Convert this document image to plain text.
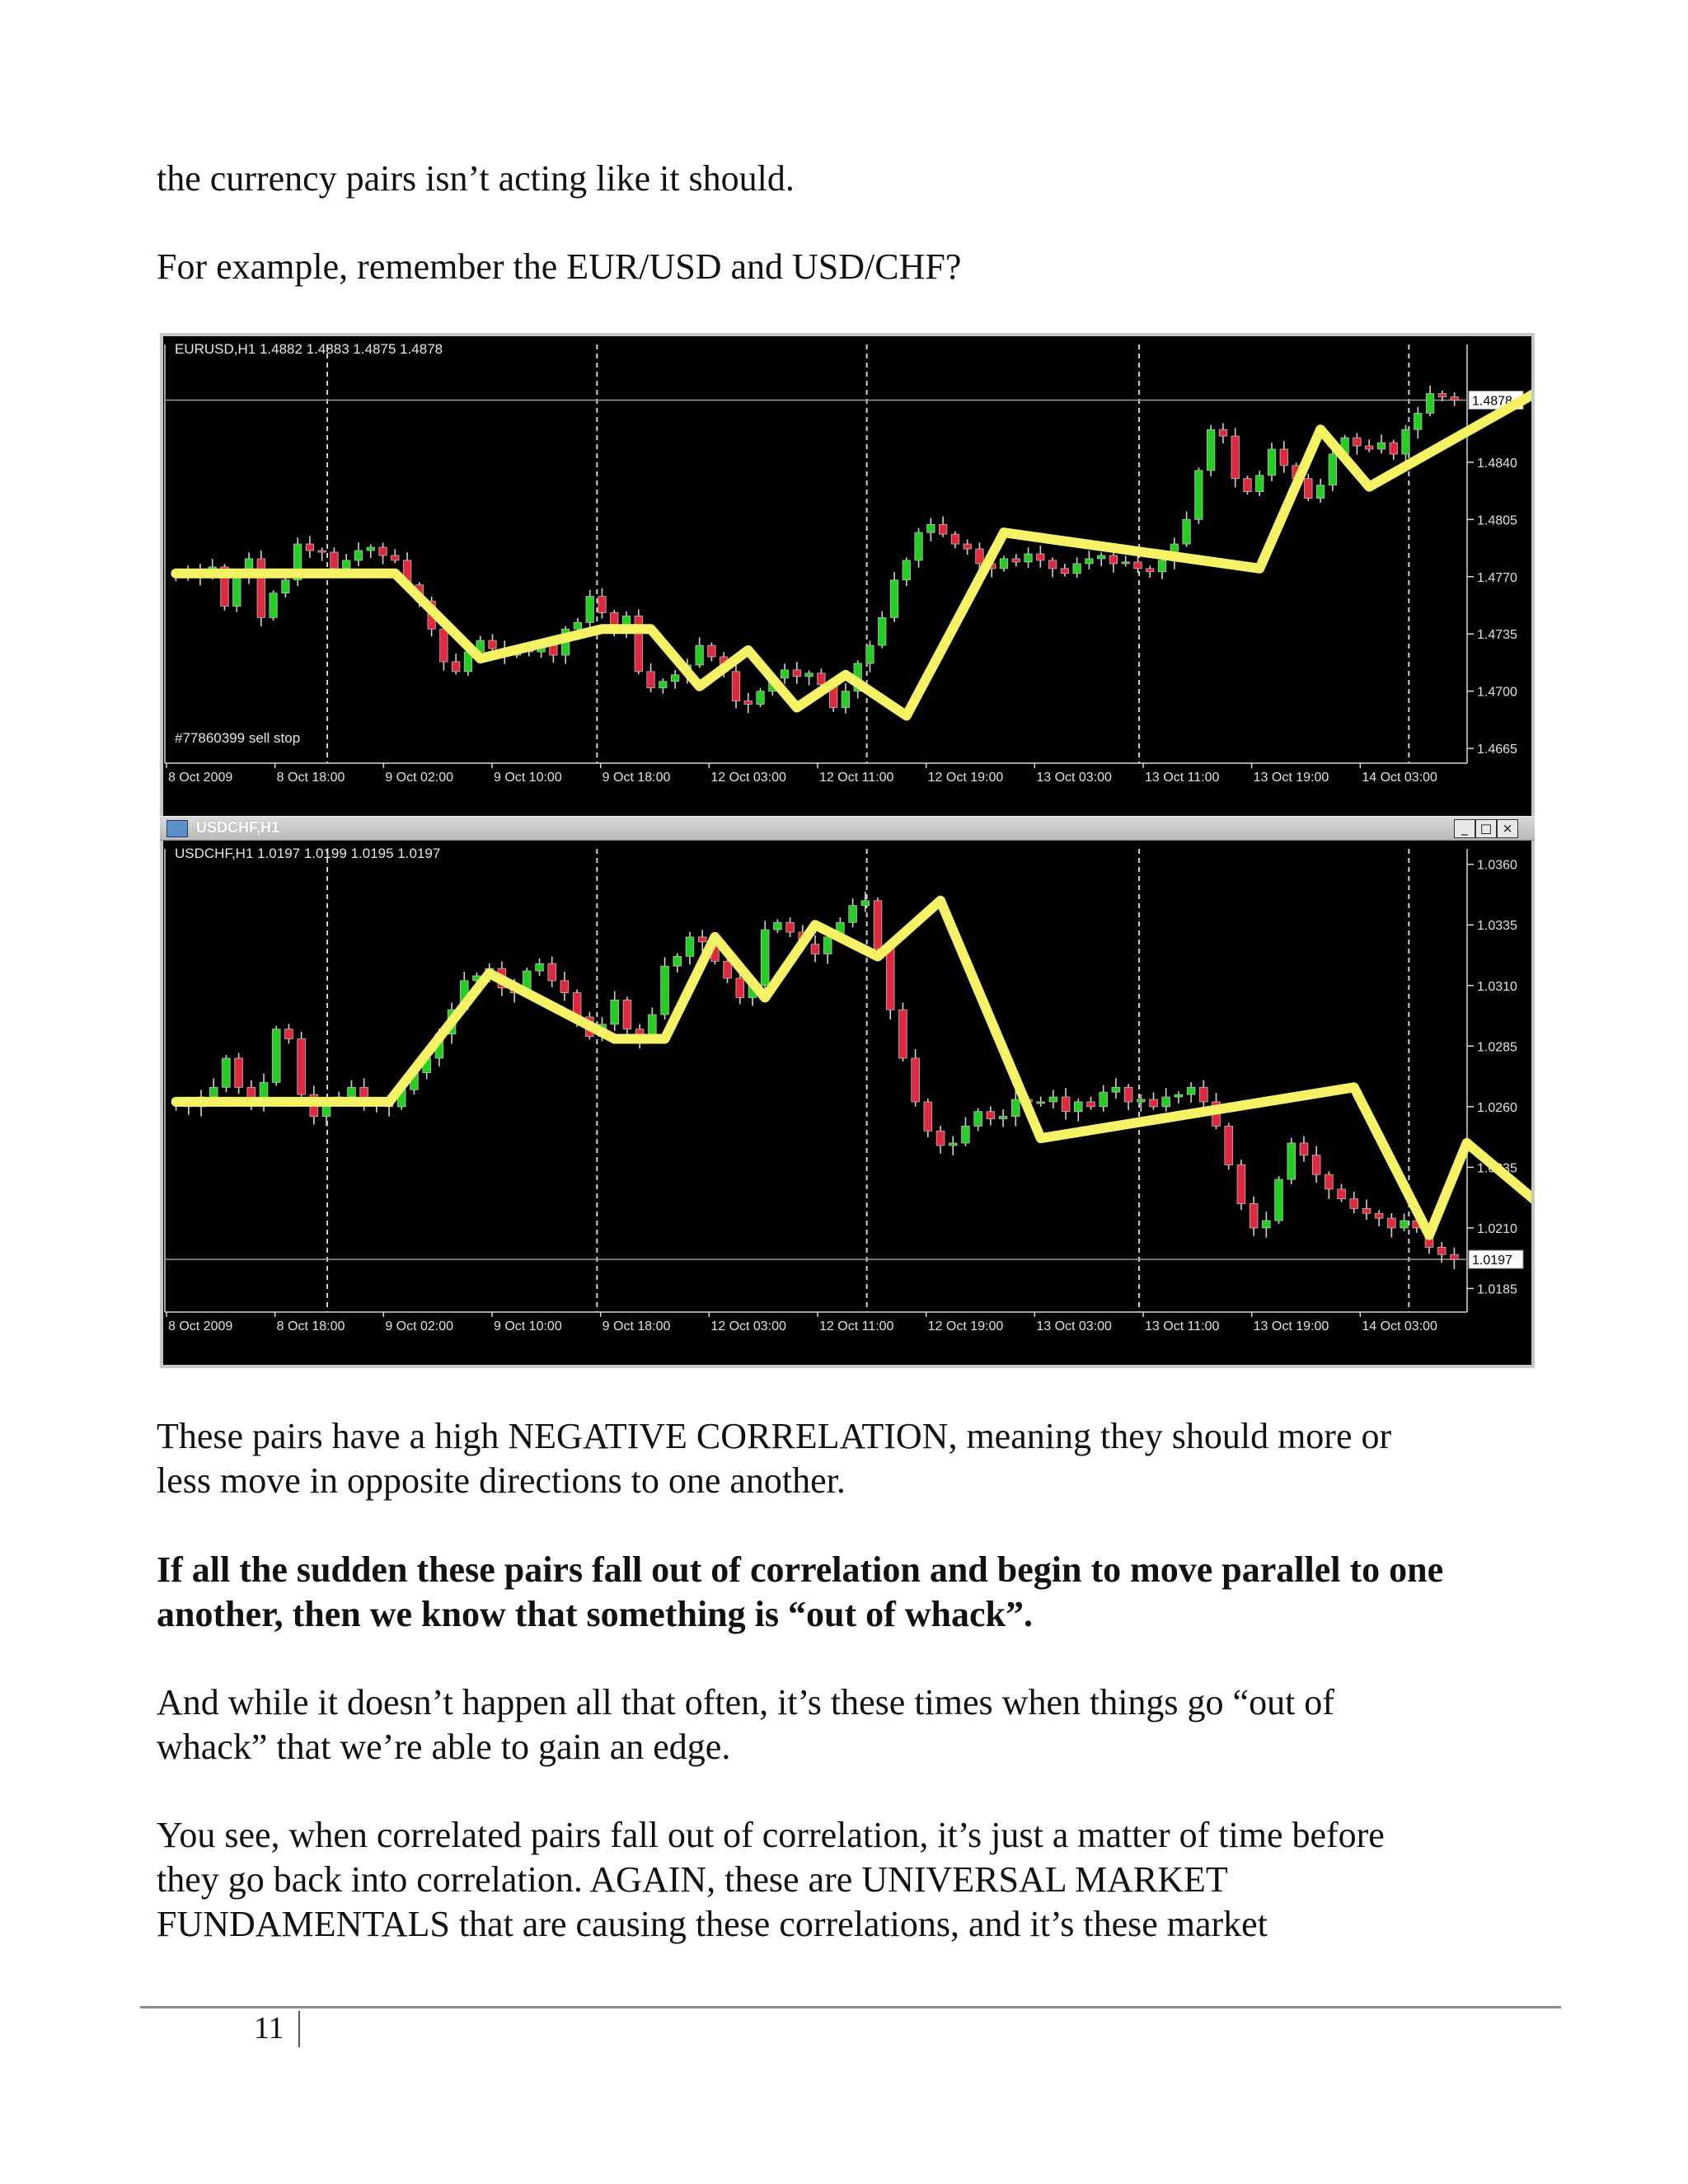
the currency pairs isn’t acting like it should.

For example, remember the EUR/USD and USD/CHF?

1.4840
1.4805
1.4770
1.4735
1.4700
1.4665
1.4878
8 Oct 2009	8 Oct 18:00	9 Oct 02:00	9 Oct 10:00	9 Oct 18:00	12 Oct 03:00	12 Oct 11:00	12 Oct 19:00	13 Oct 03:00	13 Oct 11:00	13 Oct 19:00	14 Oct 03:00
EURUSD,H1 1.4882 1.4883 1.4875 1.4878
#77860399 sell stop
USDCHF,H1	_	□ ×
1.0360
1.0335
1.0310
1.0285
1.0260
1.0235
1.0210
1.0185
1.0197
8 Oct 2009	8 Oct 18:00	9 Oct 02:00	9 Oct 10:00	9 Oct 18:00	12 Oct 03:00	12 Oct 11:00	12 Oct 19:00	13 Oct 03:00	13 Oct 11:00	13 Oct 19:00	14 Oct 03:00
USDCHF,H1 1.0197 1.0199 1.0195 1.0197

These pairs have a high NEGATIVE CORRELATION, meaning they should more or
less move in opposite directions to one another.

If all the sudden these pairs fall out of correlation and begin to move parallel to one
another, then we know that something is “out of whack”.

And while it doesn’t happen all that often, it’s these times when things go “out of
whack” that we’re able to gain an edge.

You see, when correlated pairs fall out of correlation, it’s just a matter of time before
they go back into correlation. AGAIN, these are UNIVERSAL MARKET
FUNDAMENTALS that are causing these correlations, and it’s these market

11
